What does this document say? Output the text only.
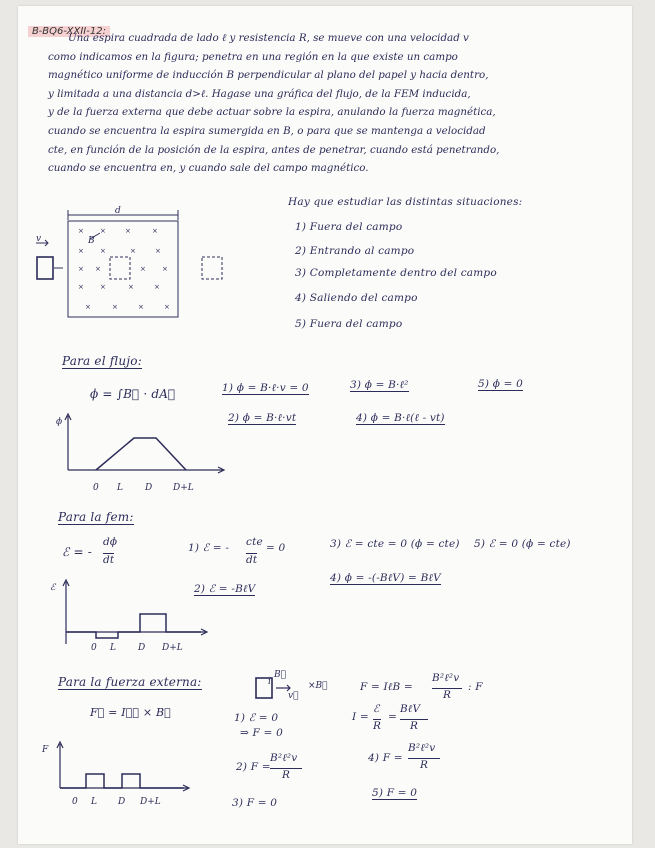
B-BQ6-XXII-12:
Una espira cuadrada de lado ℓ y resistencia R, se mueve con una velocidad v
como indicamos en la figura; penetra en una región en la que existe un campo
magnético uniforme de inducción B perpendicular al plano del papel y hacia dentro,
y limitada a una distancia d>ℓ. Hagase una gráfica del flujo, de la FEM inducida,
y de la fuerza externa que debe actuar sobre la espira, anulando la fuerza magnética,
cuando se encuentra la espira sumergida en B, o para que se mantenga a velocidad
cte, en función de la posición de la espira, antes de penetrar, cuando está penetrando,
cuando se encuentra en, y cuando sale del campo magnético.
× ×	×	×
× ×	×	×
× ×	× ×
× ×	×	×
×	×	×	×
d
B
v
Hay que estudiar las distintas situaciones:
1) Fuera del campo
2) Entrando al campo
3) Completamente dentro del campo
4) Saliendo del campo
5) Fuera del campo
Para el flujo:
ϕ = ∫B⃗ · dA⃗	1) ϕ = B·ℓ·v = 0
2) ϕ = B·ℓ·vt
3) ϕ = B·ℓ²
4) ϕ = B·ℓ(ℓ - vt)
5) ϕ = 0
ϕ
0 L D D+L
Para la fem:
ℰ = -
dϕ
dt
1) ℰ = - cte
dt
= 0
2) ℰ = -BℓV
3) ℰ = cte = 0 (ϕ = cte)
4) ϕ = -(-BℓV) = BℓV
5) ℰ = 0 (ϕ = cte)
ℰ
0 L D D+L
Para la fuerza externa:
F⃗ = Iℓ⃗ × B⃗
B⃗
i
v⃗
×B⃗	F = IℓB =
B²ℓ²v
R
: F
I =
ℰ
R
=
BℓV
R
1) ℰ = 0
⇒ F = 0
2) F =
B²ℓ²v
R
3) F = 0
4) F =
B²ℓ²v
R
5) F = 0
F
0 L D D+L
